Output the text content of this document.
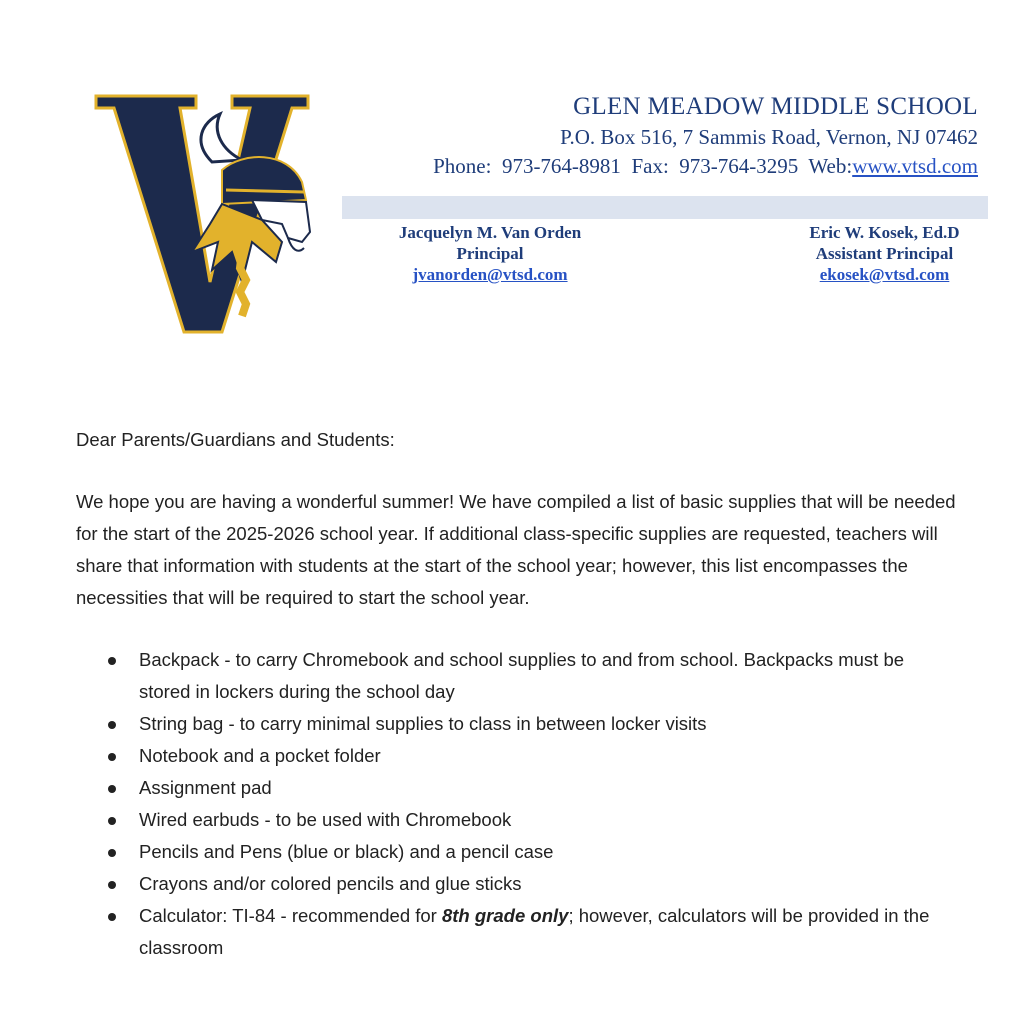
GLEN MEADOW MIDDLE SCHOOL
P.O. Box 516, 7 Sammis Road, Vernon, NJ 07462
Phone: 973-764-8981 Fax: 973-764-3295 Web:www.vtsd.com
Jacquelyn M. Van Orden
Principal
jvanorden@vtsd.com
Eric W. Kosek, Ed.D
Assistant Principal
ekosek@vtsd.com

Dear Parents/Guardians and Students:

We hope you are having a wonderful summer! We have compiled a list of basic supplies that will be needed for the start of the 2025-2026 school year. If additional class-specific supplies are requested, teachers will share that information with students at the start of the school year; however, this list encompasses the necessities that will be required to start the school year.

Backpack - to carry Chromebook and school supplies to and from school. Backpacks must be stored in lockers during the school day
String bag - to carry minimal supplies to class in between locker visits
Notebook and a pocket folder
Assignment pad
Wired earbuds - to be used with Chromebook
Pencils and Pens (blue or black) and a pencil case
Crayons and/or colored pencils and glue sticks
Calculator: TI-84 - recommended for 8th grade only; however, calculators will be provided in the classroom
